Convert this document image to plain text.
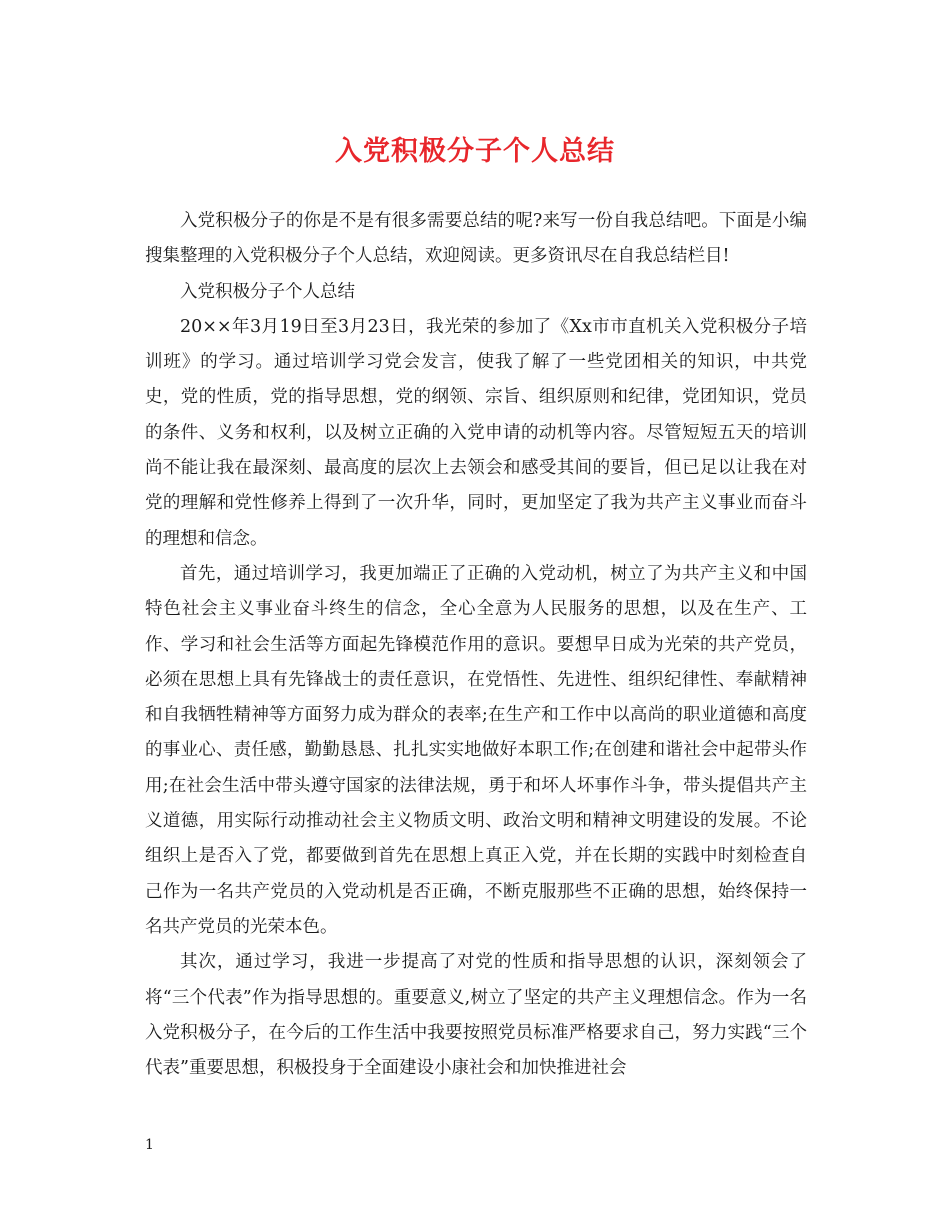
入党积极分子个人总结

入党积极分子的你是不是有很多需要总结的呢?来写一份自我总结吧。下面是小编搜集整理的入党积极分子个人总结，欢迎阅读。更多资讯尽在自我总结栏目!

入党积极分子个人总结

20××年3月19日至3月23日，我光荣的参加了《Xx市市直机关入党积极分子培训班》的学习。通过培训学习党会发言，使我了解了一些党团相关的知识，中共党史，党的性质，党的指导思想，党的纲领、宗旨、组织原则和纪律，党团知识，党员的条件、义务和权利，以及树立正确的入党申请的动机等内容。尽管短短五天的培训尚不能让我在最深刻、最高度的层次上去领会和感受其间的要旨，但已足以让我在对党的理解和党性修养上得到了一次升华，同时，更加坚定了我为共产主义事业而奋斗的理想和信念。

首先，通过培训学习，我更加端正了正确的入党动机，树立了为共产主义和中国特色社会主义事业奋斗终生的信念，全心全意为人民服务的思想，以及在生产、工作、学习和社会生活等方面起先锋模范作用的意识。要想早日成为光荣的共产党员，必须在思想上具有先锋战士的责任意识，在党悟性、先进性、组织纪律性、奉献精神和自我牺牲精神等方面努力成为群众的表率;在生产和工作中以高尚的职业道德和高度的事业心、责任感，勤勤恳恳、扎扎实实地做好本职工作;在创建和谐社会中起带头作用;在社会生活中带头遵守国家的法律法规，勇于和坏人坏事作斗争，带头提倡共产主义道德，用实际行动推动社会主义物质文明、政治文明和精神文明建设的发展。不论组织上是否入了党，都要做到首先在思想上真正入党，并在长期的实践中时刻检查自己作为一名共产党员的入党动机是否正确，不断克服那些不正确的思想，始终保持一名共产党员的光荣本色。

其次，通过学习，我进一步提高了对党的性质和指导思想的认识，深刻领会了将“三个代表”作为指导思想的。重要意义,树立了坚定的共产主义理想信念。作为一名入党积极分子，在今后的工作生活中我要按照党员标准严格要求自己，努力实践“三个代表”重要思想，积极投身于全面建设小康社会和加快推进社会

1
